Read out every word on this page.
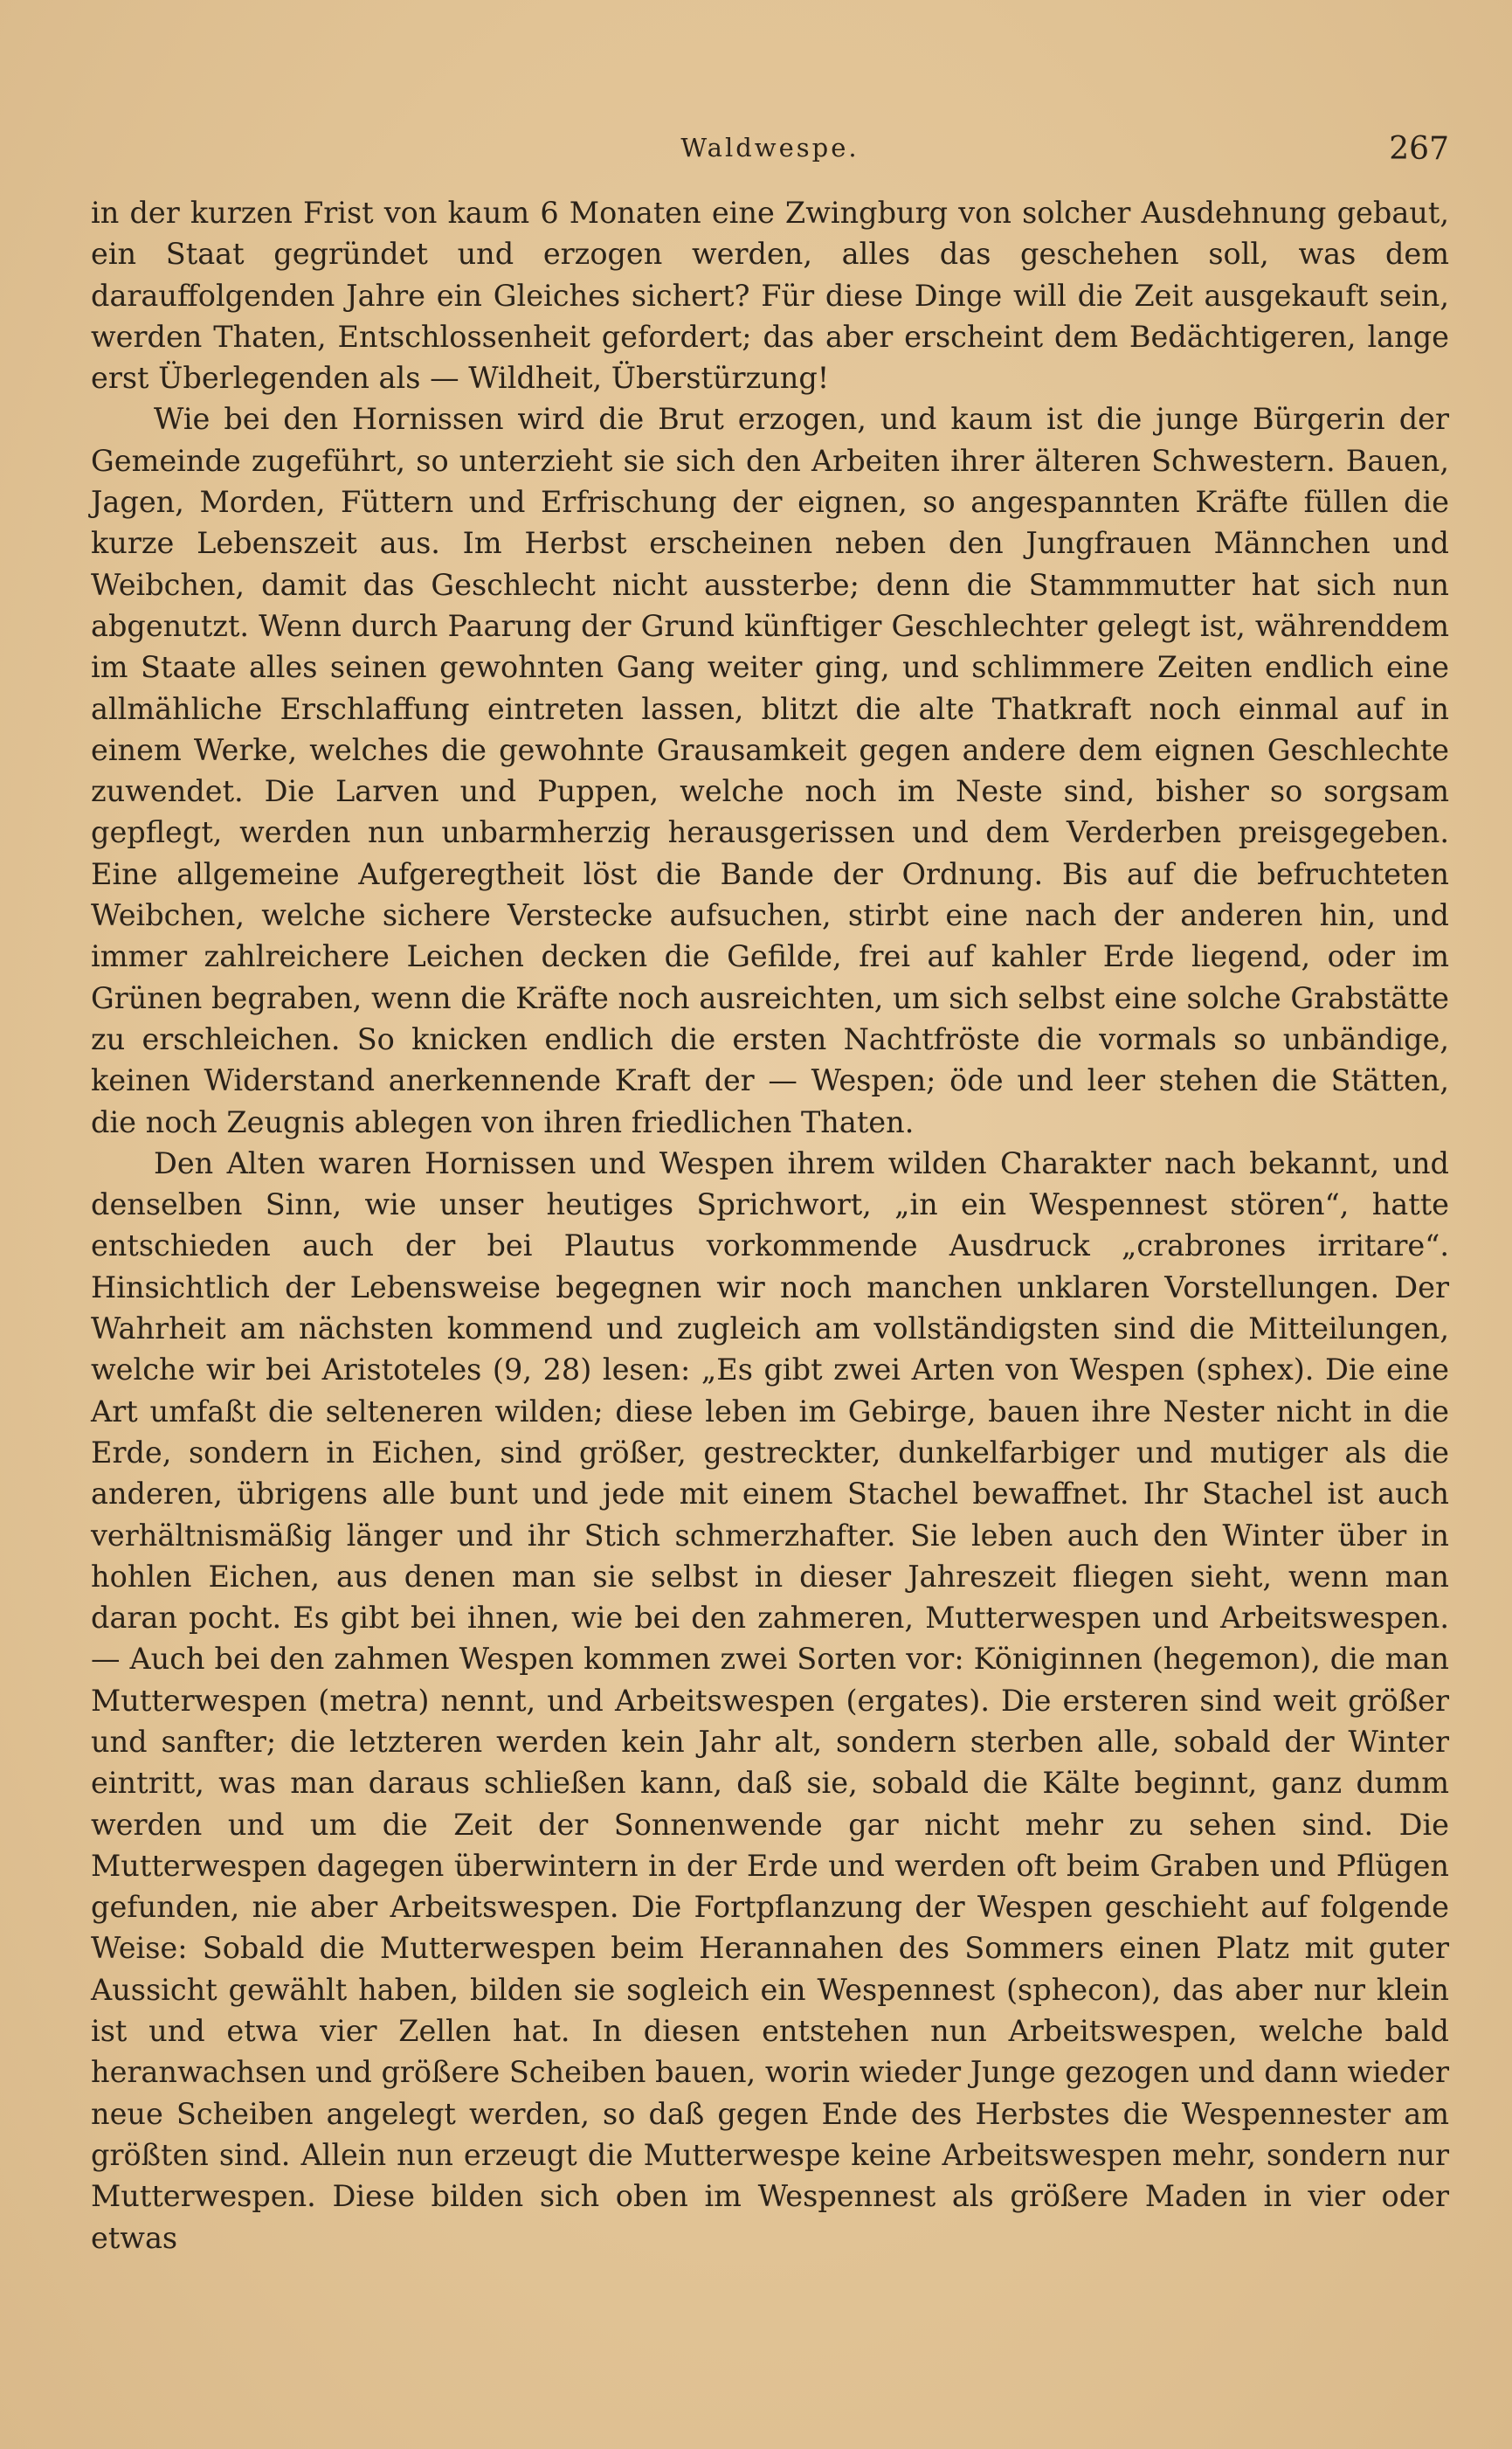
Waldwespe.	267

in der kurzen Frist von kaum 6 Monaten eine Zwingburg von solcher Ausdehnung gebaut, ein Staat gegründet und erzogen werden, alles das geschehen soll, was dem darauffolgenden Jahre ein Gleiches sichert? Für diese Dinge will die Zeit ausgekauft sein, werden Thaten, Entschlossenheit gefordert; das aber erscheint dem Bedächtigeren, lange erst Überlegenden als — Wildheit, Überstürzung!

Wie bei den Hornissen wird die Brut erzogen, und kaum ist die junge Bürgerin der Gemeinde zugeführt, so unterzieht sie sich den Arbeiten ihrer älteren Schwestern. Bauen, Jagen, Morden, Füttern und Erfrischung der eignen, so angespannten Kräfte füllen die kurze Lebenszeit aus. Im Herbst erscheinen neben den Jungfrauen Männchen und Weibchen, damit das Geschlecht nicht aussterbe; denn die Stammmutter hat sich nun abgenutzt. Wenn durch Paarung der Grund künftiger Geschlechter gelegt ist, währenddem im Staate alles seinen gewohnten Gang weiter ging, und schlimmere Zeiten endlich eine allmähliche Erschlaffung eintreten lassen, blitzt die alte Thatkraft noch einmal auf in einem Werke, welches die gewohnte Grausamkeit gegen andere dem eignen Geschlechte zuwendet. Die Larven und Puppen, welche noch im Neste sind, bisher so sorgsam gepflegt, werden nun unbarmherzig herausgerissen und dem Verderben preisgegeben. Eine allgemeine Aufgeregtheit löst die Bande der Ordnung. Bis auf die befruchteten Weibchen, welche sichere Verstecke aufsuchen, stirbt eine nach der anderen hin, und immer zahlreichere Leichen decken die Gefilde, frei auf kahler Erde liegend, oder im Grünen begraben, wenn die Kräfte noch ausreichten, um sich selbst eine solche Grabstätte zu erschleichen. So knicken endlich die ersten Nachtfröste die vormals so unbändige, keinen Widerstand anerkennende Kraft der — Wespen; öde und leer stehen die Stätten, die noch Zeugnis ablegen von ihren friedlichen Thaten.

Den Alten waren Hornissen und Wespen ihrem wilden Charakter nach bekannt, und denselben Sinn, wie unser heutiges Sprichwort, „in ein Wespennest stören“, hatte entschieden auch der bei Plautus vorkommende Ausdruck „crabrones irritare“. Hinsichtlich der Lebensweise begegnen wir noch manchen unklaren Vorstellungen. Der Wahrheit am nächsten kommend und zugleich am vollständigsten sind die Mitteilungen, welche wir bei Aristoteles (9, 28) lesen: „Es gibt zwei Arten von Wespen (sphex). Die eine Art umfaßt die selteneren wilden; diese leben im Gebirge, bauen ihre Nester nicht in die Erde, sondern in Eichen, sind größer, gestreckter, dunkelfarbiger und mutiger als die anderen, übrigens alle bunt und jede mit einem Stachel bewaffnet. Ihr Stachel ist auch verhältnismäßig länger und ihr Stich schmerzhafter. Sie leben auch den Winter über in hohlen Eichen, aus denen man sie selbst in dieser Jahreszeit fliegen sieht, wenn man daran pocht. Es gibt bei ihnen, wie bei den zahmeren, Mutterwespen und Arbeitswespen. — Auch bei den zahmen Wespen kommen zwei Sorten vor: Königinnen (hegemon), die man Mutterwespen (metra) nennt, und Arbeitswespen (ergates). Die ersteren sind weit größer und sanfter; die letzteren werden kein Jahr alt, sondern sterben alle, sobald der Winter eintritt, was man daraus schließen kann, daß sie, sobald die Kälte beginnt, ganz dumm werden und um die Zeit der Sonnenwende gar nicht mehr zu sehen sind. Die Mutterwespen dagegen überwintern in der Erde und werden oft beim Graben und Pflügen gefunden, nie aber Arbeitswespen. Die Fortpflanzung der Wespen geschieht auf folgende Weise: Sobald die Mutterwespen beim Herannahen des Sommers einen Platz mit guter Aussicht gewählt haben, bilden sie sogleich ein Wespennest (sphecon), das aber nur klein ist und etwa vier Zellen hat. In diesen entstehen nun Arbeitswespen, welche bald heranwachsen und größere Scheiben bauen, worin wieder Junge gezogen und dann wieder neue Scheiben angelegt werden, so daß gegen Ende des Herbstes die Wespennester am größten sind. Allein nun erzeugt die Mutterwespe keine Arbeitswespen mehr, sondern nur Mutterwespen. Diese bilden sich oben im Wespennest als größere Maden in vier oder etwas
